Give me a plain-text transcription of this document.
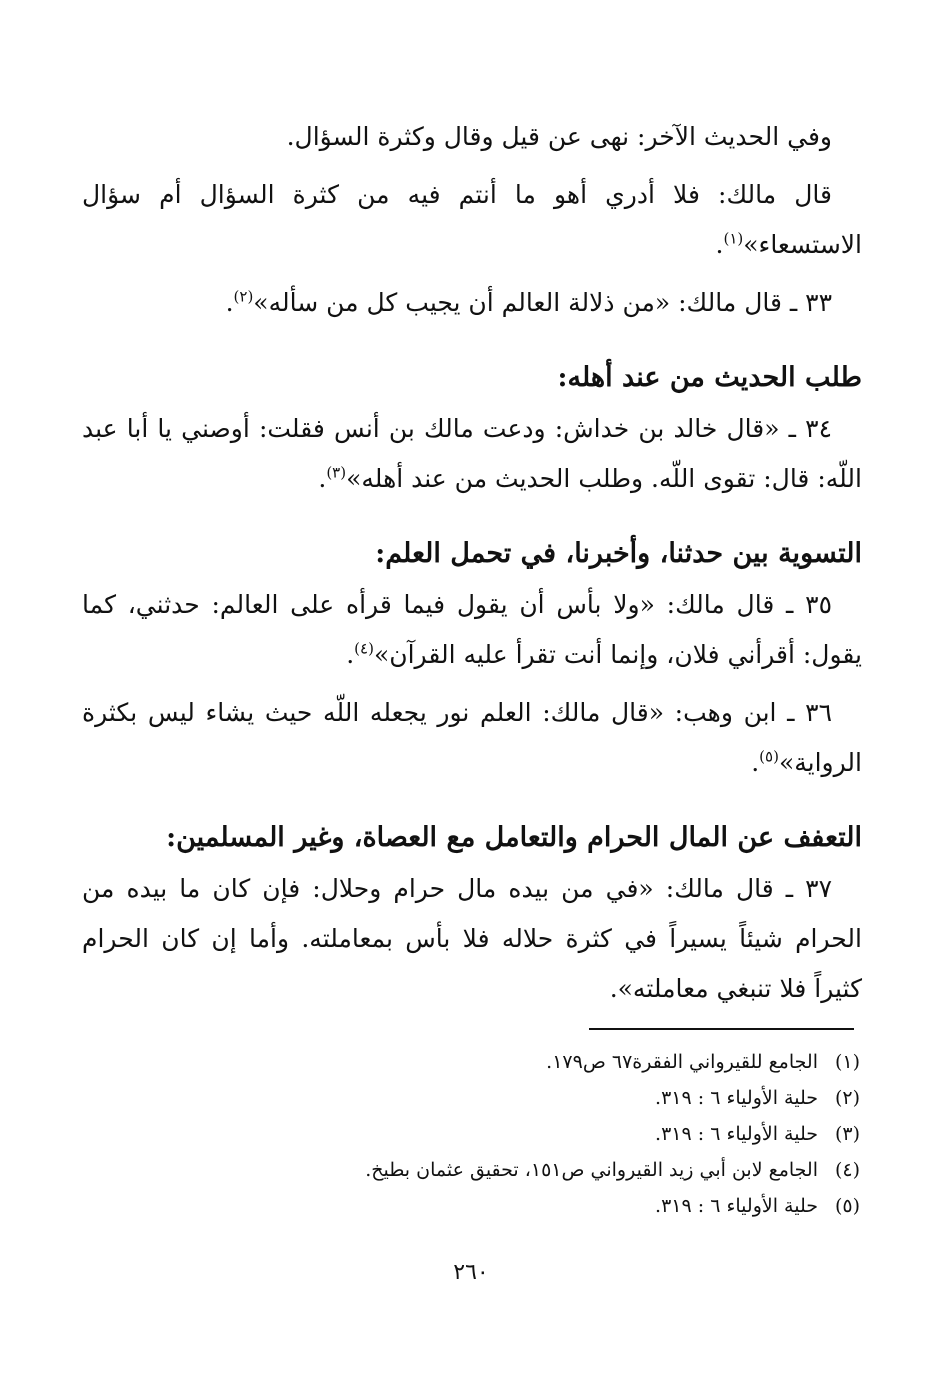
وفي الحديث الآخر: نهى عن قيل وقال وكثرة السؤال.

قال مالك: فلا أدري أهو ما أنتم فيه من كثرة السؤال أم سؤال الاستسعاء»$^{(١)}$.

٣٣ ـ قال مالك: «من ذلالة العالم أن يجيب كل من سأله»$^{(٢)}$.

طلب الحديث من عند أهله:

٣٤ ـ «قال خالد بن خداش: ودعت مالك بن أنس فقلت: أوصني يا أبا عبد اللّه: قال: تقوى اللّه. وطلب الحديث من عند أهله»$^{(٣)}$.

التسوية بين حدثنا، وأخبرنا، في تحمل العلم:

٣٥ ـ قال مالك: «ولا بأس أن يقول فيما قرأه على العالم: حدثني، كما يقول: أقرأني فلان، وإنما أنت تقرأ عليه القرآن»$^{(٤)}$.

٣٦ ـ ابن وهب: «قال مالك: العلم نور يجعله اللّه حيث يشاء ليس بكثرة الرواية»$^{(٥)}$.

التعفف عن المال الحرام والتعامل مع العصاة، وغير المسلمين:

٣٧ ـ قال مالك: «في من بيده مال حرام وحلال: فإن كان ما بيده من الحرام شيئاً يسيراً في كثرة حلاله فلا بأس بمعاملته. وأما إن كان الحرام كثيراً فلا تنبغي معاملته».

(١)الجامع للقيرواني الفقرة٦٧ ص١٧٩.
(٢)حلية الأولياء ٦ : ٣١٩.
(٣)حلية الأولياء ٦ : ٣١٩.
(٤)الجامع لابن أبي زيد القيرواني ص١٥١، تحقيق عثمان بطيخ.
(٥)حلية الأولياء ٦ : ٣١٩.
٢٦٠
